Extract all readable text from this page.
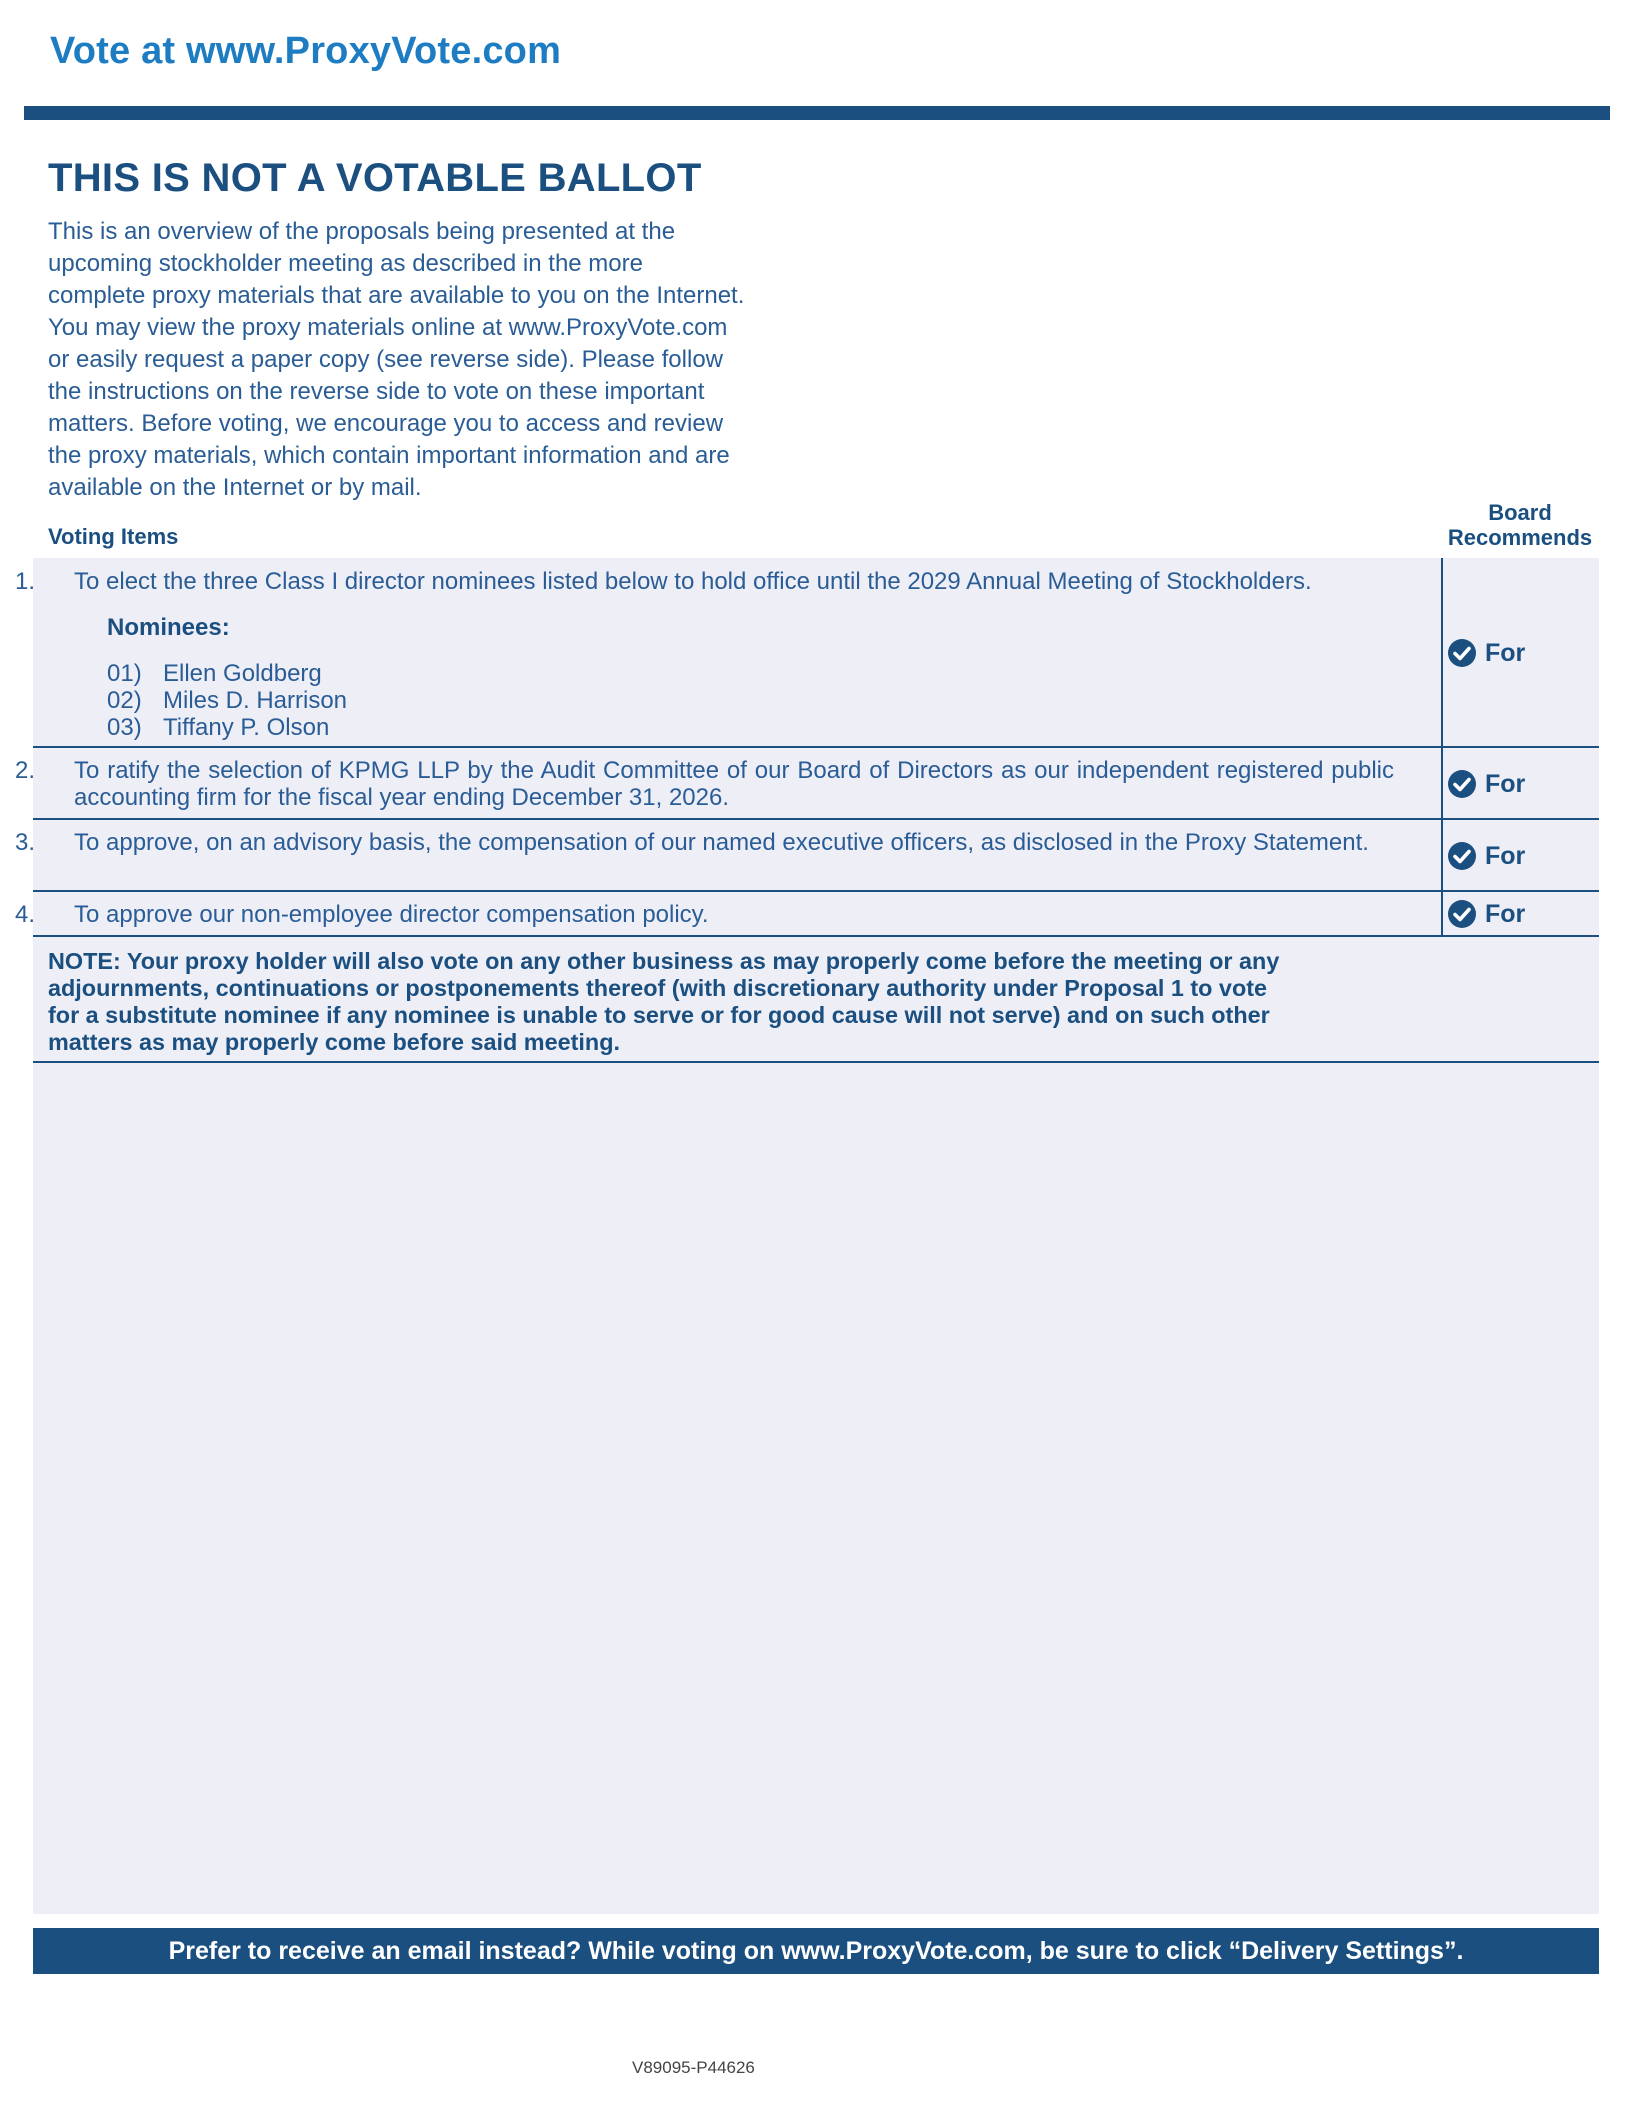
Vote at www.ProxyVote.com
THIS IS NOT A VOTABLE BALLOT
This is an overview of the proposals being presented at the
upcoming stockholder meeting as described in the more
complete proxy materials that are available to you on the Internet.
You may view the proxy materials online at www.ProxyVote.com
or easily request a paper copy (see reverse side). Please follow
the instructions on the reverse side to vote on these important
matters. Before voting, we encourage you to access and review
the proxy materials, which contain important information and are
available on the Internet or by mail.
Voting Items
Board
Recommends
1. To elect the three Class I director nominees listed below to hold office until the 2029 Annual Meeting of Stockholders.
Nominees:
01) Ellen Goldberg
02) Miles D. Harrison
03) Tiffany P. Olson
For
2. To ratify the selection of KPMG LLP by the Audit Committee of our Board of Directors as our independent registered public accounting firm for the fiscal year ending December 31, 2026.	For
3. To approve, on an advisory basis, the compensation of our named executive officers, as disclosed in the Proxy Statement.	For
4. To approve our non-employee director compensation policy.	For
NOTE: Your proxy holder will also vote on any other business as may properly come before the meeting or any
adjournments, continuations or postponements thereof (with discretionary authority under Proposal 1 to vote
for a substitute nominee if any nominee is unable to serve or for good cause will not serve) and on such other
matters as may properly come before said meeting.
Prefer to receive an email instead? While voting on www.ProxyVote.com, be sure to click “Delivery Settings”.
V89095-P44626
